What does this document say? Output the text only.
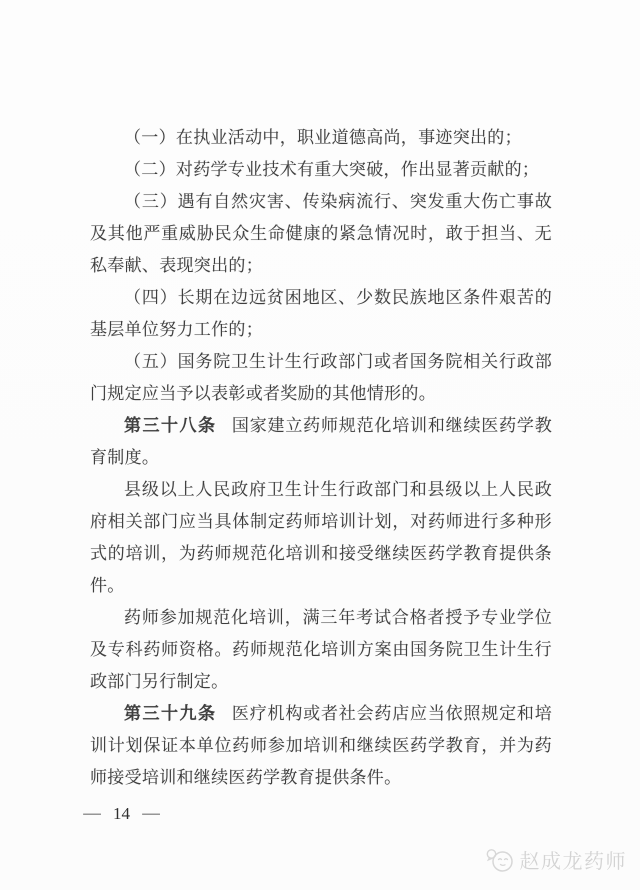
（一）在执业活动中，职业道德高尚，事迹突出的；

（二）对药学专业技术有重大突破，作出显著贡献的；

（三）遇有自然灾害、传染病流行、突发重大伤亡事故及其他严重威胁民众生命健康的紧急情况时，敢于担当、无私奉献、表现突出的；

（四）长期在边远贫困地区、少数民族地区条件艰苦的基层单位努力工作的；

（五）国务院卫生计生行政部门或者国务院相关行政部门规定应当予以表彰或者奖励的其他情形的。

第三十八条 国家建立药师规范化培训和继续医药学教育制度。

县级以上人民政府卫生计生行政部门和县级以上人民政府相关部门应当具体制定药师培训计划，对药师进行多种形式的培训，为药师规范化培训和接受继续医药学教育提供条件。

药师参加规范化培训，满三年考试合格者授予专业学位及专科药师资格。药师规范化培训方案由国务院卫生计生行政部门另行制定。

第三十九条 医疗机构或者社会药店应当依照规定和培训计划保证本单位药师参加培训和继续医药学教育，并为药师接受培训和继续医药学教育提供条件。

— 14 —
赵成龙药师
